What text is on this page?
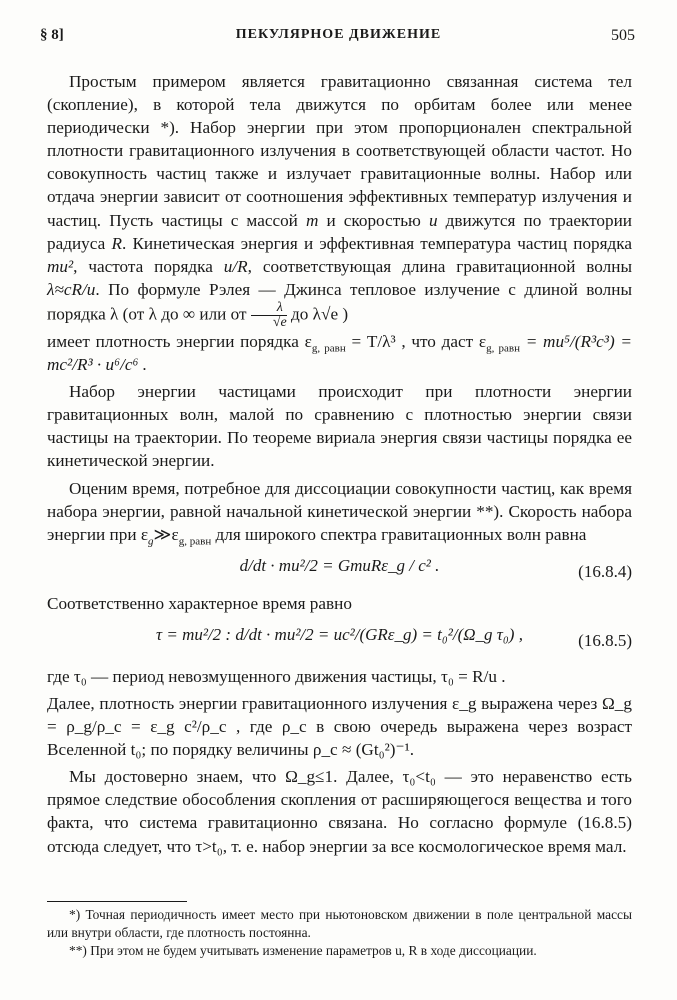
ПЕКУЛЯРНОЕ ДВИЖЕНИЕ
§ 8]	505

Простым примером является гравитационно связанная система тел (скопление), в которой тела движутся по орбитам более или менее периодически *). Набор энергии при этом пропорционален спектральной плотности гравитационного излучения в соответствующей области частот. Но совокупность частиц также и излучает гравитационные волны. Набор или отдача энергии зависит от соотношения эффективных температур излучения и частиц. Пусть частицы с массой m и скоростью u движутся по траектории радиуса R. Кинетическая энергия и эффективная температура частиц порядка mu², частота порядка u/R, соответствующая длина гравитационной волны λ≈cR/u. По формуле Рэлея — Джинса тепловое излучение с длиной волны порядка λ (от λ до ∞ или от $\frac{\lambda}{√e}$ до λ√e )

имеет плотность энергии порядка $\varepsilon_{g, равн} = T/\lambda^3$ , что даст $\varepsilon_{g, равн} = mu^5/(R^3c^3) = mc^2/R^3 \cdot u^6/c^6$ .

Набор энергии частицами происходит при плотности энергии гравитационных волн, малой по сравнению с плотностью энергии связи частицы на траектории. По теореме вириала энергия связи частицы порядка ее кинетической энергии.

Оценим время, потребное для диссоциации совокупности частиц, как время набора энергии, равной начальной кинетической энергии **). Скорость набора энергии при $\varepsilon_g≫\varepsilon_{g, равн}$ для широкого спектра гравитационных волн равна

d/dt · mu²/2 = GmuRε_g / c² .	(16.8.4)

Соответственно характерное время равно

τ = mu²/2 : d/dt · mu²/2 = uc²/(GRε_g) = t₀²/(Ω_g τ₀) ,	(16.8.5)

где τ₀ — период невозмущенного движения частицы, τ₀ = R/u .

Далее, плотность энергии гравитационного излучения ε_g выражена через Ω_g = ρ_g/ρ_c = ε_g c²/ρ_c , где ρ_c в свою очередь выражена через возраст Вселенной t₀; по порядку величины ρ_c ≈ (Gt₀²)⁻¹.

Мы достоверно знаем, что Ω_g≤1. Далее, τ₀<t₀ — это неравенство есть прямое следствие обособления скопления от расширяющегося вещества и того факта, что система гравитационно связана. Но согласно формуле (16.8.5) отсюда следует, что τ>t₀, т. е. набор энергии за все космологическое время мал.

*) Точная периодичность имеет место при ньютоновском движении в поле центральной массы или внутри области, где плотность постоянна.

**) При этом не будем учитывать изменение параметров u, R в ходе диссоциации.
